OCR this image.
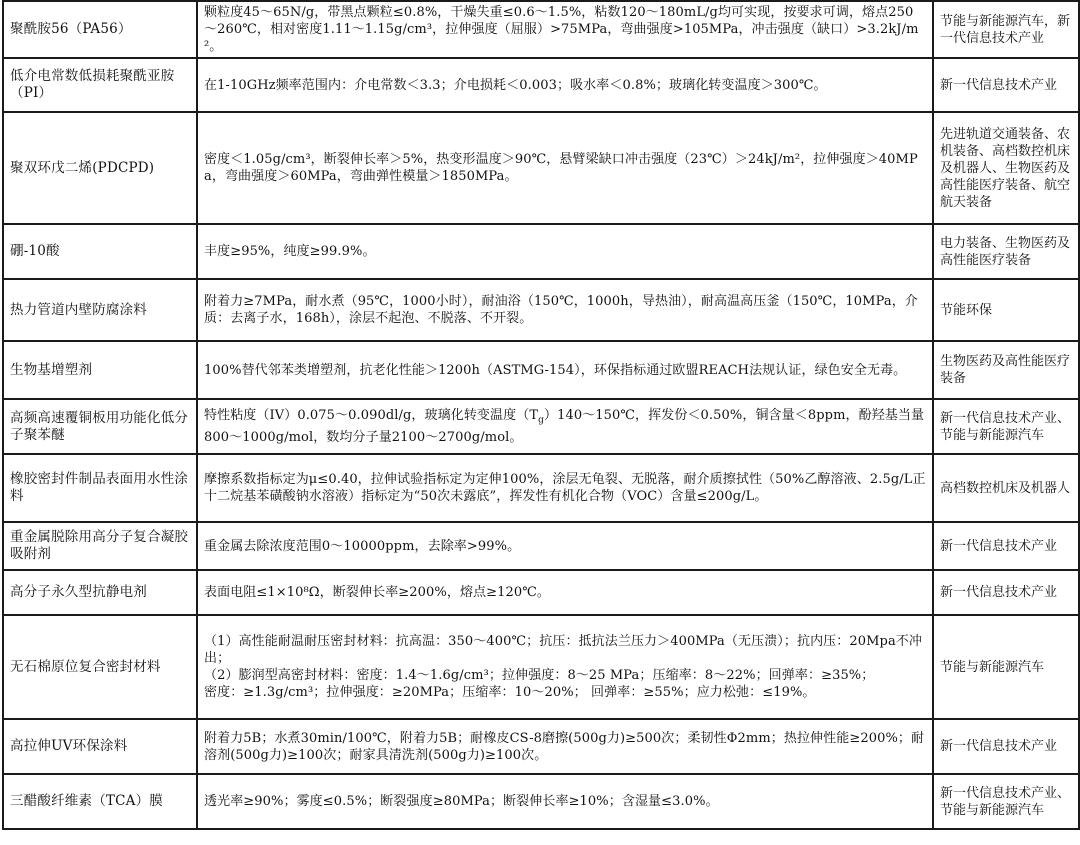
聚酰胺56（PA56）	颗粒度45～65N/g，带黑点颗粒≤0.8%，干燥失重≤0.6～1.5%，粘数120～180mL/g均可实现，按要求可调，熔点250～260℃，相对密度1.11～1.15g/cm³，拉伸强度（屈服）>75MPa，弯曲强度>105MPa，冲击强度（缺口）>3.2kJ/m²。	节能与新能源汽车，新一代信息技术产业
低介电常数低损耗聚酰亚胺（PI）	在1-10GHz频率范围内：介电常数＜3.3；介电损耗＜0.003；吸水率＜0.8%；玻璃化转变温度＞300℃。	新一代信息技术产业
聚双环戊二烯(PDCPD)	密度＜1.05g/cm³，断裂伸长率＞5%，热变形温度＞90℃，悬臂梁缺口冲击强度（23℃）＞24kJ/m²，拉伸强度＞40MPa，弯曲强度＞60MPa，弯曲弹性模量＞1850MPa。	先进轨道交通装备、农机装备、高档数控机床及机器人、生物医药及高性能医疗装备、航空航天装备
硼-10酸	丰度≥95%，纯度≥99.9%。	电力装备、生物医药及高性能医疗装备
热力管道内壁防腐涂料	附着力≥7MPa，耐水煮（95℃，1000小时），耐油浴（150℃，1000h，导热油），耐高温高压釜（150℃，10MPa，介质：去离子水，168h），涂层不起泡、不脱落、不开裂。	节能环保
生物基增塑剂	100%替代邻苯类增塑剂，抗老化性能＞1200h（ASTMG-154），环保指标通过欧盟REACH法规认证，绿色安全无毒。	生物医药及高性能医疗装备
高频高速覆铜板用功能化低分子聚苯醚	特性粘度（IV）0.075～0.090dl/g，玻璃化转变温度$(T_g)140\sim 150℃$，挥发份＜0.50%，铜含量＜8ppm，酚羟基当量800～1000g/mol，数均分子量2100～2700g/mol。	新一代信息技术产业、节能与新能源汽车
橡胶密封件制品表面用水性涂料	摩擦系数指标定为μ≤0.40，拉伸试验指标定为定伸100%，涂层无龟裂、无脱落，耐介质擦拭性（50%乙醇溶液、2.5g/L正十二烷基苯磺酸钠水溶液）指标定为“50次未露底”，挥发性有机化合物（VOC）含量≤200g/L。	高档数控机床及机器人
重金属脱除用高分子复合凝胶吸附剂	重金属去除浓度范围0～10000ppm，去除率>99%。	新一代信息技术产业
高分子永久型抗静电剂	表面电阻≤1×10⁸Ω，断裂伸长率≥200%，熔点≥120℃。	新一代信息技术产业
无石棉原位复合密封材料	（1）高性能耐温耐压密封材料：抗高温：350～400℃；抗压：抵抗法兰压力＞400MPa（无压溃）；抗内压：20Mpa不冲出；
（2）膨润型高密封材料：密度：1.4～1.6g/cm³；拉伸强度：8～25 MPa；压缩率：8～22%；回弹率：≥35%；
密度：≥1.3g/cm³；拉伸强度：≥20MPa；压缩率：10～20%； 回弹率：≥55%；应力松弛：≤19%。	节能与新能源汽车
高拉伸UV环保涂料	附着力5B；水煮30min/100℃，附着力5B；耐橡皮CS-8磨擦(500g力)≥500次；柔韧性Φ2mm；热拉伸性能≥200%；耐溶剂(500g力)≥100次；耐家具清洗剂(500g力)≥100次。	新一代信息技术产业
三醋酸纤维素（TCA）膜	透光率≥90%；雾度≤0.5%；断裂强度≥80MPa；断裂伸长率≥10%；含湿量≤3.0%。	新一代信息技术产业、节能与新能源汽车
